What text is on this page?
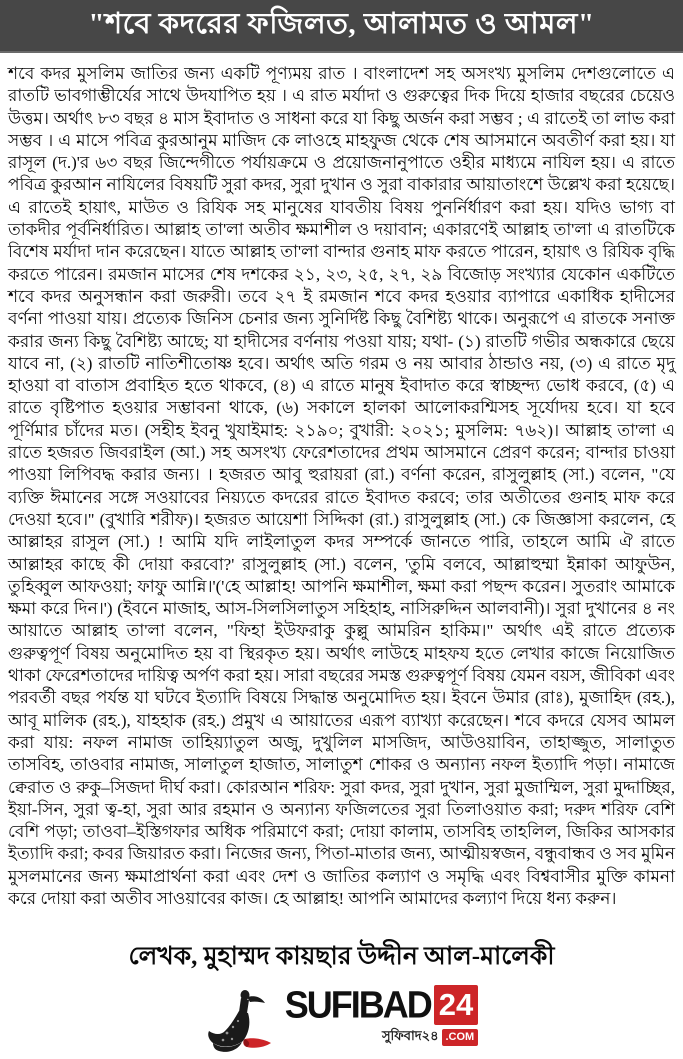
"শবে কদরের ফজিলত, আলামত ও আমল"

শবে কদর মুসলিম জাতির জন্য একটি পূণ্যময় রাত । বাংলাদেশ সহ অসংখ্য মুসলিম দেশগুলোতে এ রাতটি ভাবগাম্ভীর্যের সাথে উদযাপিত হয় । এ রাত মর্যাদা ও গুরুত্বের দিক দিয়ে হাজার বছরের চেয়েও উত্তম। অর্থাৎ ৮৩ বছর ৪ মাস ইবাদাত ও সাধনা করে যা কিছু অর্জন করা সম্ভব ; এ রাতেই তা লাভ করা সম্ভব । এ মাসে পবিত্র কুরআনুম মাজিদ কে লাওহে মাহফুজ থেকে শেষ আসমানে অবতীর্ণ করা হয়। যা রাসূল (দ.)'র ৬৩ বছর জিন্দেগীতে পর্যায়ক্রমে ও প্রয়োজনানুপাতে ওহীর মাধ্যমে নাযিল হয়। এ রাতে পবিত্র কুরআন নাযিলের বিষয়টি সুরা কদর, সুরা দুখান ও সুরা বাকারার আয়াতাংশে উল্লেখ করা হয়েছে। এ রাতেই হায়াৎ, মাউত ও রিযিক সহ মানুষের যাবতীয় বিষয় পুনর্নির্ধারণ করা হয়। যদিও ভাগ্য বা তাকদীর পূর্বনির্ধারিত। আল্লাহ তা'লা অতীব ক্ষমাশীল ও দয়াবান; একারণেই আল্লাহ তা'লা এ রাতটিকে বিশেষ মর্যাদা দান করেছেন। যাতে আল্লাহ তা'লা বান্দার গুনাহ মাফ করতে পারেন, হায়াৎ ও রিযিক বৃদ্ধি করতে পারেন। রমজান মাসের শেষ দশকের ২১, ২৩, ২৫, ২৭, ২৯ বিজোড় সংখ্যার যেকোন একটিতে শবে কদর অনুসন্ধান করা জরুরী। তবে ২৭ ই রমজান শবে কদর হওয়ার ব্যাপারে একাধিক হাদীসের বর্ণনা পাওয়া যায়। প্রত্যেক জিনিস চেনার জন্য সুনির্দিষ্ট কিছু বৈশিষ্ট্য থাকে। অনুরূপে এ রাতকে সনাক্ত করার জন্য কিছু বৈশিষ্ট্য আছে; যা হাদীসের বর্ণনায় পওয়া যায়; যথা- (১) রাতটি গভীর অন্ধকারে ছেয়ে যাবে না, (২) রাতটি নাতিশীতোষ্ণ হবে। অর্থাৎ অতি গরম ও নয় আবার ঠান্ডাও নয়, (৩) এ রাতে মৃদু হাওয়া বা বাতাস প্রবাহিত হতে থাকবে, (৪) এ রাতে মানুষ ইবাদাত করে স্বাচ্ছন্দ্য ভোধ করবে, (৫) এ রাতে বৃষ্টিপাত হওয়ার সম্ভাবনা থাকে, (৬) সকালে হালকা আলোকরশ্মিসহ সূর্যোদয় হবে। যা হবে পূর্ণিমার চাঁদের মত। (সহীহ ইবনু খুযাইমাহ: ২১৯০; বুখারী: ২০২১; মুসলিম: ৭৬২)। আল্লাহ তা'লা এ রাতে হজরত জিবরাইল (আ.) সহ অসংখ্য ফেরেশতাদের প্রথম আসমানে প্রেরণ করেন; বান্দার চাওয়া পাওয়া লিপিবদ্ধ করার জন্য। । হজরত আবু হুরায়রা (রা.) বর্ণনা করেন, রাসুলুল্লাহ (সা.) বলেন, "যে ব্যক্তি ঈমানের সঙ্গে সওয়াবের নিয়্যতে কদরের রাতে ইবাদত করবে; তার অতীতের গুনাহ মাফ করে দেওয়া হবে।'' (বুখারি শরীফ)। হজরত আয়েশা সিদ্দিকা (রা.) রাসুলুল্লাহ (সা.) কে জিজ্ঞাসা করলেন, হে আল্লাহর রাসুল (সা.) ! আমি যদি লাইলাতুল কদর সম্পর্কে জানতে পারি, তাহলে আমি ঐ রাতে আল্লাহর কাছে কী দোয়া করবো?' রাসুলুল্লাহ (সা.) বলেন, 'তুমি বলবে, আল্লাহুম্মা ইন্নাকা আফুউন, তুহিব্বুল আফওয়া; ফাফু আন্নি।'('হে আল্লাহ! আপনি ক্ষমাশীল, ক্ষমা করা পছন্দ করেন। সুতরাং আমাকে ক্ষমা করে দিন।') (ইবনে মাজাহ, আস-সিলসিলাতুস সহিহাহ, নাসিরুদ্দিন আলবানী)। সুরা দুখানের ৪ নং আয়াতে আল্লাহ তা'লা বলেন, "ফিহা ইউফরাকু কুল্লু আমরিন হাকিম।" অর্থাৎ এই রাতে প্রত্যেক গুরুত্বপূর্ণ বিষয় অনুমোদিত হয় বা স্থিরকৃত হয়। অর্থাৎ লাউহে মাহফয হতে লেখার কাজে নিয়োজিত থাকা ফেরেশতাদের দায়িত্ব অর্পণ করা হয়। সারা বছরের সমস্ত গুরুত্বপূর্ণ বিষয় যেমন বয়স, জীবিকা এবং পরবর্তী বছর পর্যন্ত যা ঘটবে ইত্যাদি বিষয়ে সিদ্ধান্ত অনুমোদিত হয়। ইবনে উমার (রাঃ), মুজাহিদ (রহ.), আবূ মালিক (রহ.), যাহহাক (রহ.) প্রমুখ এ আয়াতের এরূপ ব্যাখ্যা করেছেন। শবে কদরে যেসব আমল করা যায়: নফল নামাজ তাহিয়্যাতুল অজু, দুখুলিল মাসজিদ, আউওয়াবিন, তাহাজ্জুত, সালাতুত তাসবিহ, তাওবার নামাজ, সালাতুল হাজাত, সালাতুশ শোকর ও অন্যান্য নফল ইত্যাদি পড়া। নামাজে ক্বেরাত ও রুকু–সিজদা দীর্ঘ করা। কোরআন শরিফ: সুরা কদর, সুরা দুখান, সুরা মুজাম্মিল, সুরা মুদ্দাচ্ছির, ইয়া-সিন, সুরা ত্ব-হা, সুরা আর রহমান ও অন্যান্য ফজিলতের সুরা তিলাওয়াত করা; দরুদ শরিফ বেশি বেশি পড়া; তাওবা–ইস্তিগফার অধিক পরিমাণে করা; দোয়া কালাম, তাসবিহ তাহলিল, জিকির আসকার ইত্যাদি করা; কবর জিয়ারত করা। নিজের জন্য, পিতা-মাতার জন্য, আত্মীয়স্বজন, বন্ধুবান্ধব ও সব মুমিন মুসলমানের জন্য ক্ষমাপ্রার্থনা করা এবং দেশ ও জাতির কল্যাণ ও সমৃদ্ধি এবং বিশ্ববাসীর মুক্তি কামনা করে দোয়া করা অতীব সাওয়াবের কাজ। হে আল্লাহ! আপনি আমাদের কল্যাণ দিয়ে ধন্য করুন।

লেখক, মুহাম্মদ কায়ছার উদ্দীন আল-মালেকী
SUFIBAD 24
সুফিবাদ২৪ .COM
